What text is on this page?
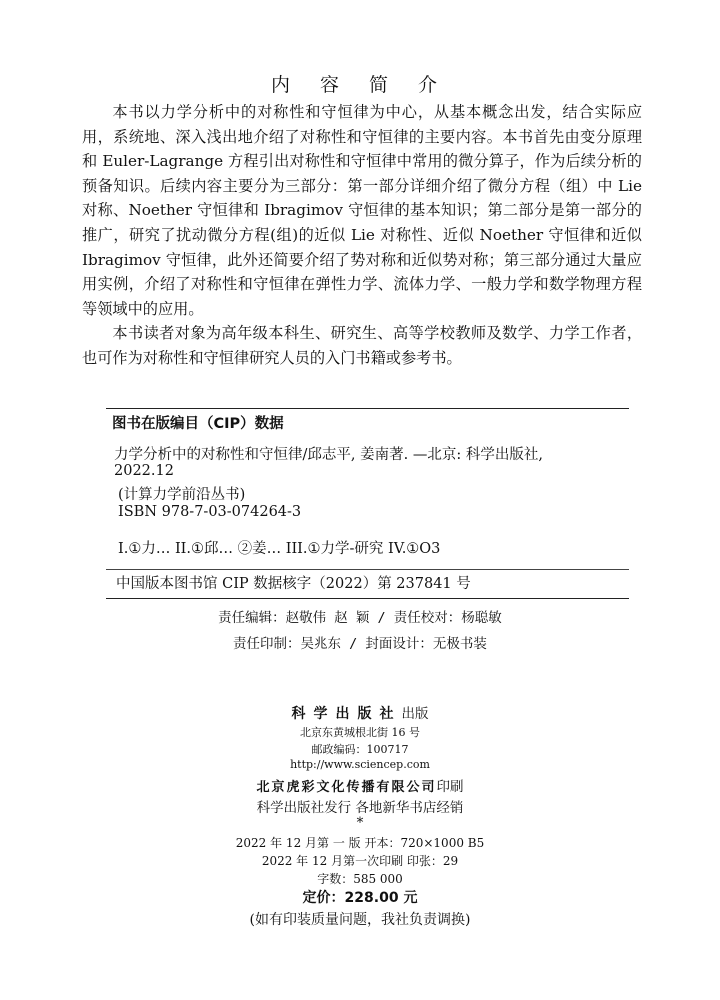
内 容 简 介

本书以力学分析中的对称性和守恒律为中心，从基本概念出发，结合实际应用，系统地、深入浅出地介绍了对称性和守恒律的主要内容。本书首先由变分原理和 Euler-Lagrange 方程引出对称性和守恒律中常用的微分算子，作为后续分析的预备知识。后续内容主要分为三部分：第一部分详细介绍了微分方程（组）中 Lie 对称、Noether 守恒律和 Ibragimov 守恒律的基本知识；第二部分是第一部分的推广，研究了扰动微分方程(组)的近似 Lie 对称性、近似 Noether 守恒律和近似 Ibragimov 守恒律，此外还简要介绍了势对称和近似势对称；第三部分通过大量应用实例，介绍了对称性和守恒律在弹性力学、流体力学、一般力学和数学物理方程等领域中的应用。

本书读者对象为高年级本科生、研究生、高等学校教师及数学、力学工作者，也可作为对称性和守恒律研究人员的入门书籍或参考书。

图书在版编目（CIP）数据
力学分析中的对称性和守恒律/邱志平, 姜南著. —北京: 科学出版社,
2022.12
(计算力学前沿丛书)
ISBN 978-7-03-074264-3
I.①力… II.①邱… ②姜… III.①力学-研究 IV.①O3
中国版本图书馆 CIP 数据核字（2022）第 237841 号
责任编辑：赵敬伟 赵 颖 / 责任校对：杨聪敏
责任印制：吴兆东 / 封面设计：无极书装
科学出版社出版
北京东黄城根北街 16 号
邮政编码：100717
http://www.sciencep.com
北京虎彩文化传播有限公司印刷
科学出版社发行 各地新华书店经销
*
2022 年 12 月第 一 版 开本：720×1000 B5
2022 年 12 月第一次印刷 印张：29
字数：585 000
定价：228.00 元
(如有印装质量问题，我社负责调换)
